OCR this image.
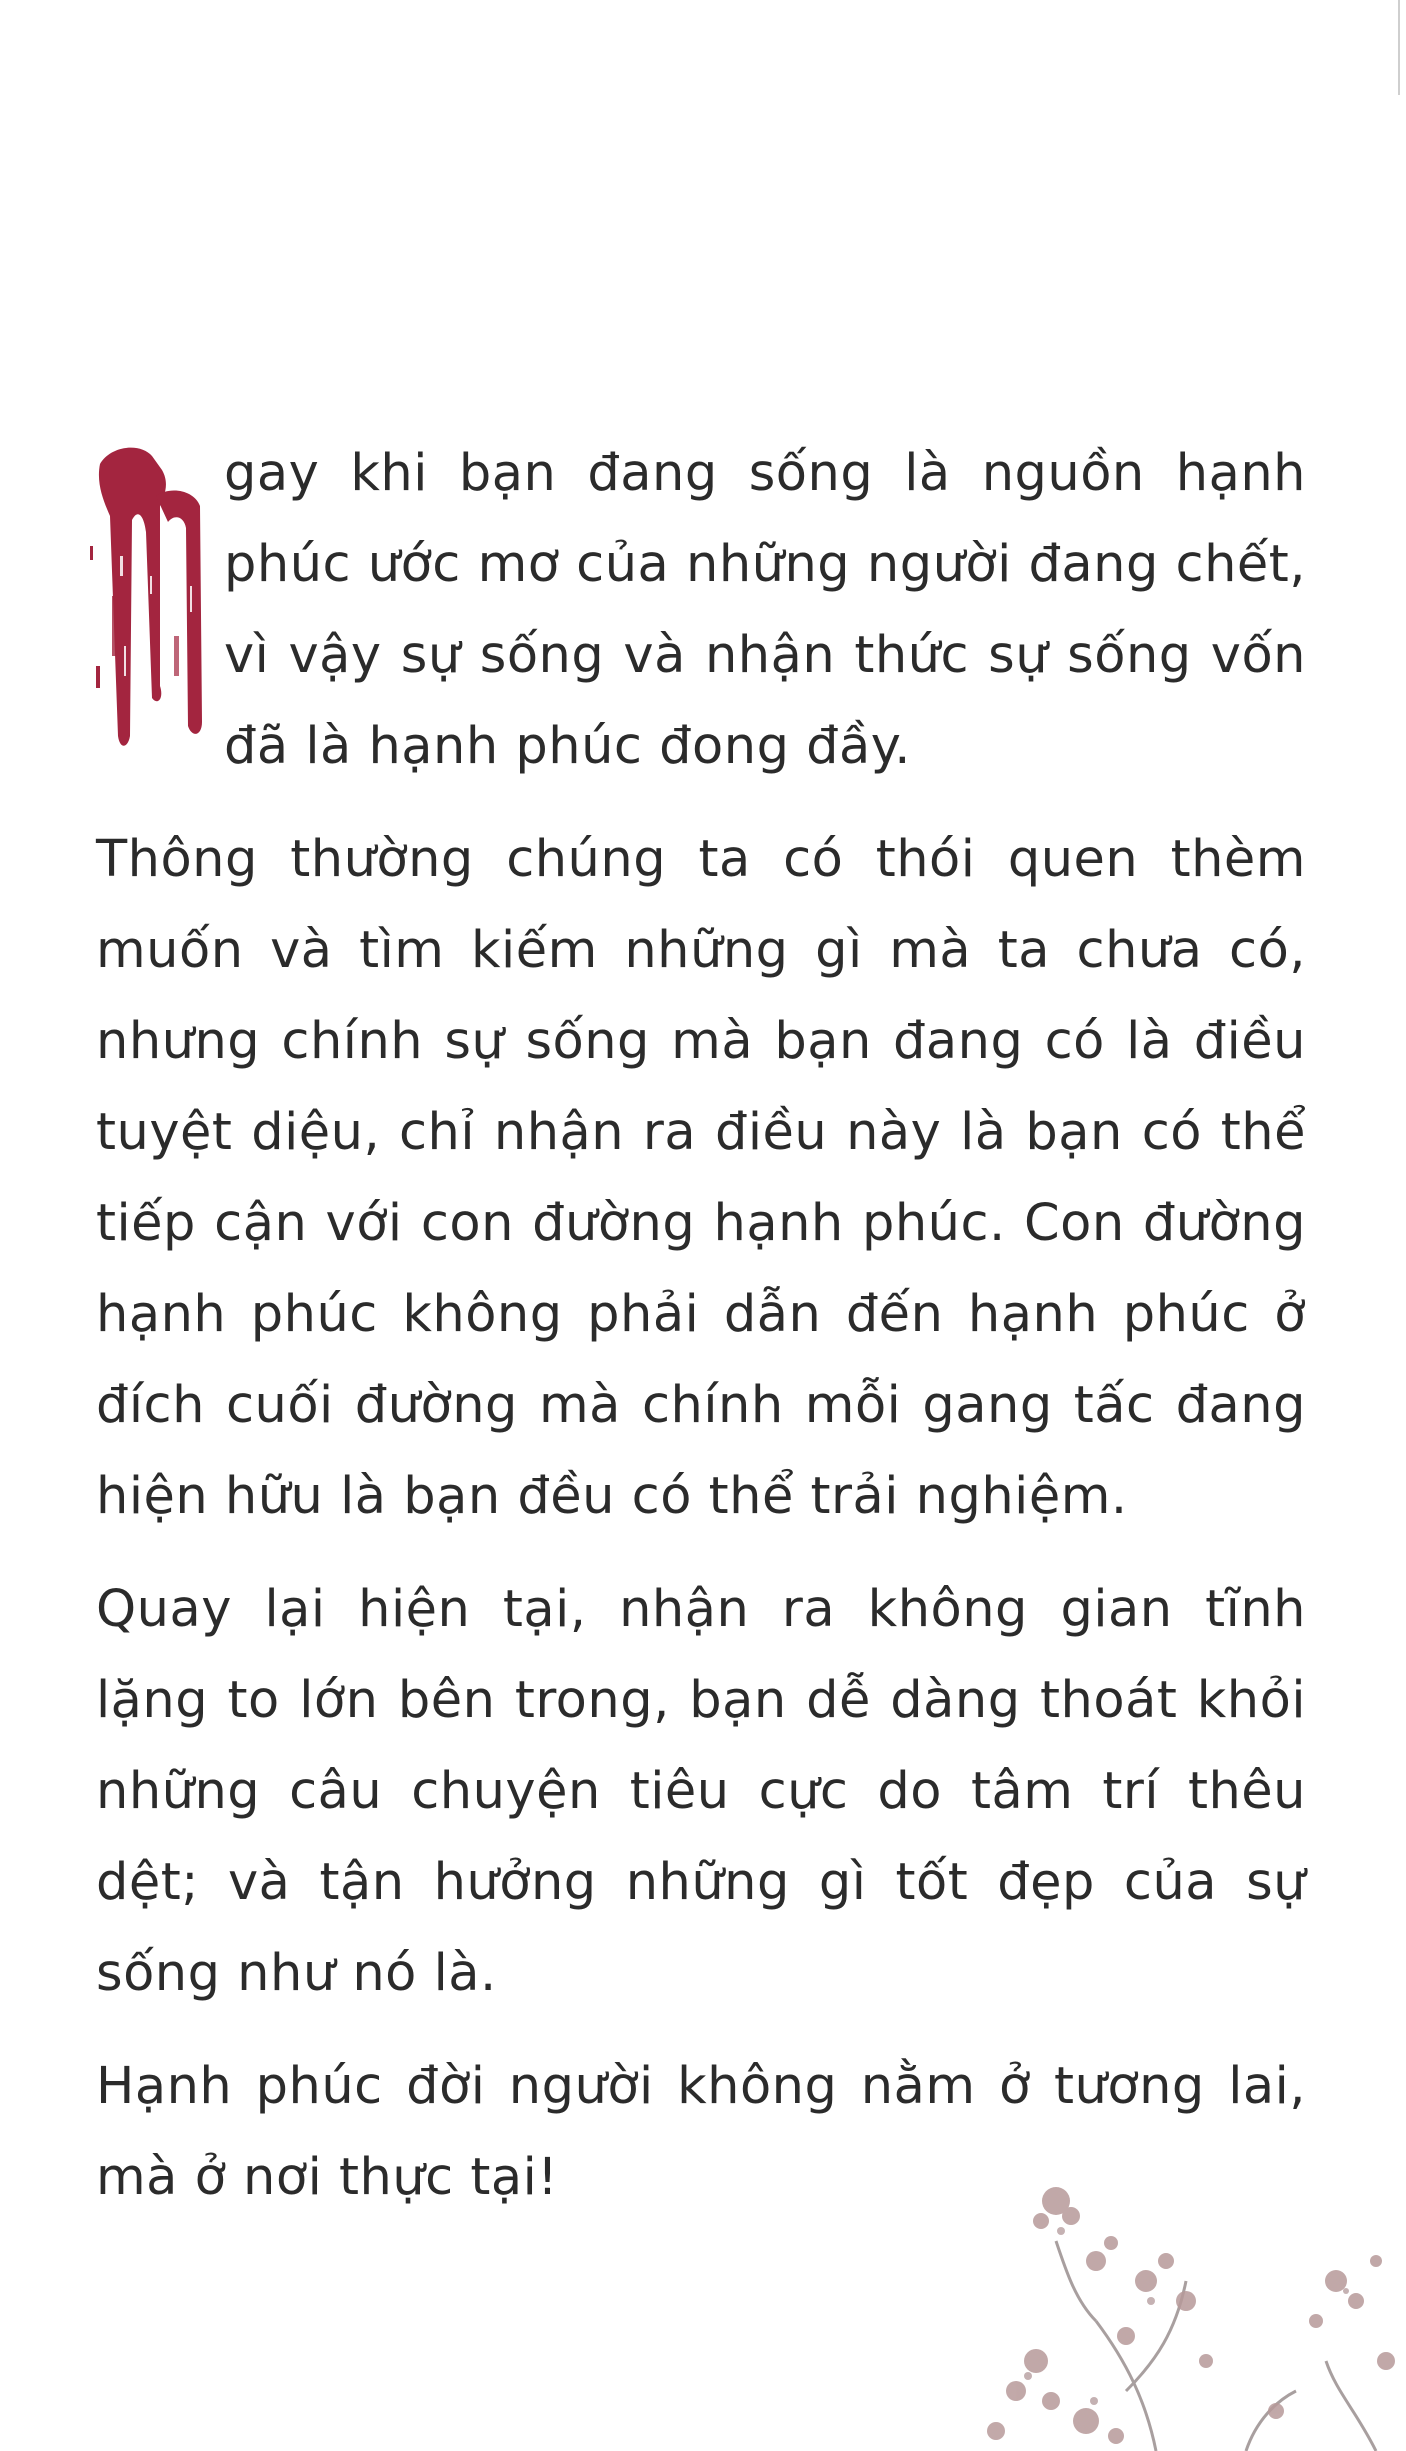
gay khi bạn đang sống là nguồn hạnh phúc ước mơ của những người đang chết, vì vậy sự sống và nhận thức sự sống vốn đã là hạnh phúc đong đầy.

Thông thường chúng ta có thói quen thèm muốn và tìm kiếm những gì mà ta chưa có, nhưng chính sự sống mà bạn đang có là điều tuyệt diệu, chỉ nhận ra điều này là bạn có thể tiếp cận với con đường hạnh phúc. Con đường hạnh phúc không phải dẫn đến hạnh phúc ở đích cuối đường mà chính mỗi gang tấc đang hiện hữu là bạn đều có thể trải nghiệm.

Quay lại hiện tại, nhận ra không gian tĩnh lặng to lớn bên trong, bạn dễ dàng thoát khỏi những câu chuyện tiêu cực do tâm trí thêu dệt; và tận hưởng những gì tốt đẹp của sự sống như nó là.

Hạnh phúc đời người không nằm ở tương lai, mà ở nơi thực tại!
